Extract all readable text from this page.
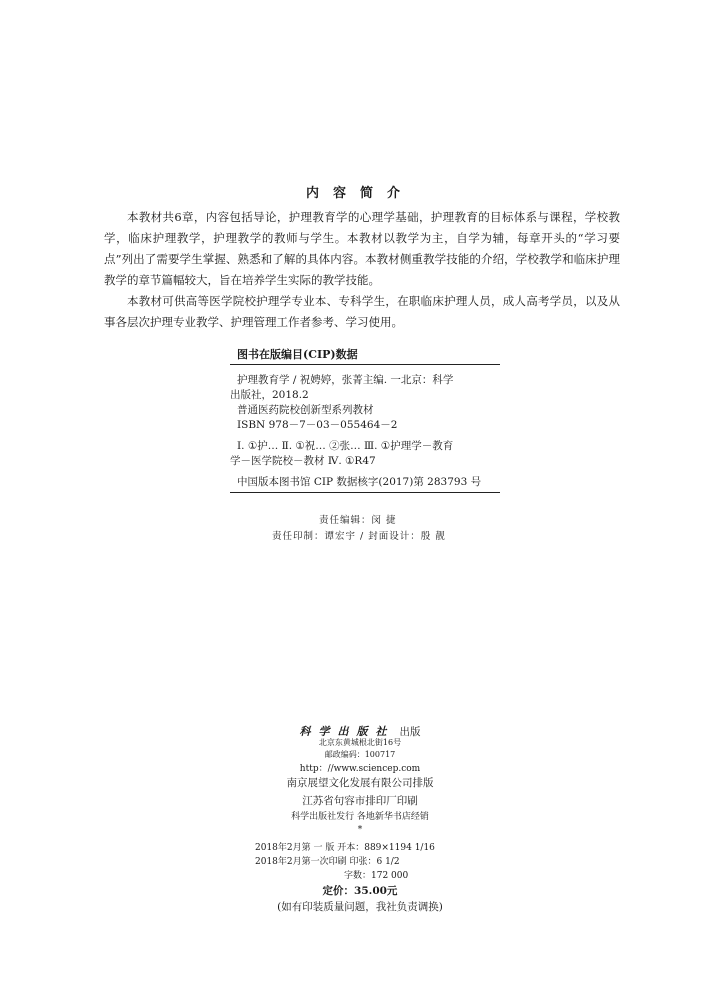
内容简介

本教材共6章，内容包括导论，护理教育学的心理学基础，护理教育的目标体系与课程，学校教学，临床护理教学，护理教学的教师与学生。本教材以教学为主，自学为辅，每章开头的“学习要点”列出了需要学生掌握、熟悉和了解的具体内容。本教材侧重教学技能的介绍，学校教学和临床护理教学的章节篇幅较大，旨在培养学生实际的教学技能。

本教材可供高等医学院校护理学专业本、专科学生，在职临床护理人员，成人高考学员，以及从事各层次护理专业教学、护理管理工作者参考、学习使用。

图书在版编目(CIP)数据
护理教育学 / 祝娉婷，张菁主编. 一北京：科学
出版社，2018.2
普通医药院校创新型系列教材
ISBN 978－7－03－055464－2
Ⅰ. ①护… Ⅱ. ①祝… ②张… Ⅲ. ①护理学－教育
学－医学院校－教材 Ⅳ. ①R47
中国版本图书馆 CIP 数据核字(2017)第 283793 号
责任编辑：闵 捷
责任印制：谭宏宇 / 封面设计：殷 靓
科学出版社 出版
北京东黄城根北街16号
邮政编码：100717
http：//www.sciencep.com
南京展望文化发展有限公司排版
江苏省句容市排印厂印刷
科学出版社发行 各地新华书店经销
*
2018年2月第 一 版 开本：889×1194 1/16
2018年2月第一次印刷 印张：6 1/2
字数：172 000
定价：35.00元
(如有印装质量问题，我社负责调换)
